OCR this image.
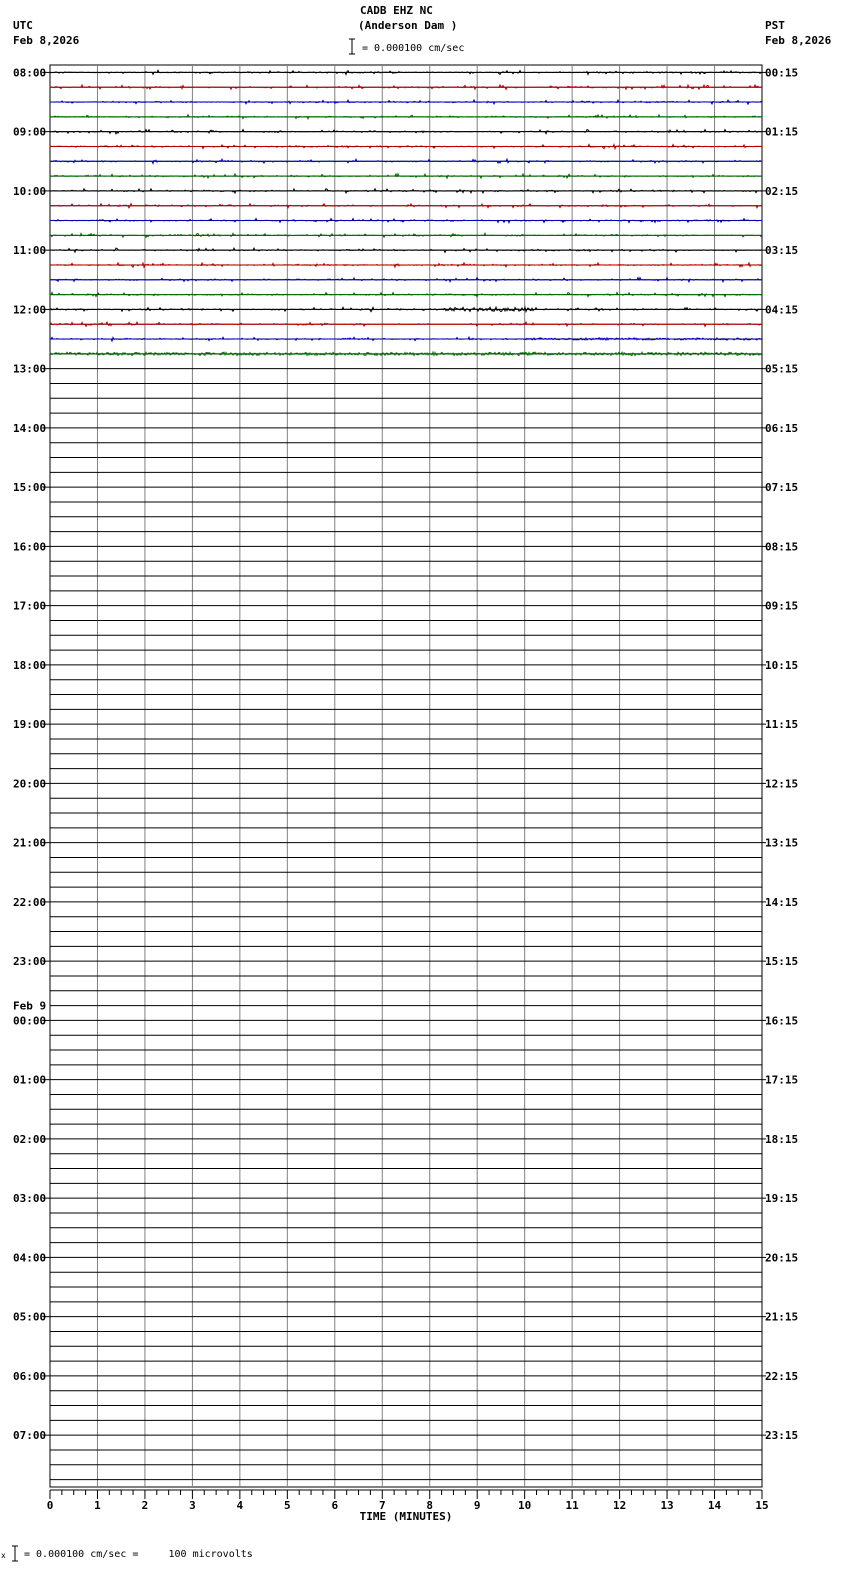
CADB EHZ NC
(Anderson Dam )
UTC
Feb 8,2026
PST
Feb 8,2026
= 0.000100 cm/sec
x = 0.000100 cm/sec =     100 microvolts
0	1	2	3	4	5	6	7	8	9	10	11	12	13	14	15
TIME (MINUTES)
08:00
09:00
10:00
11:00
12:00
13:00
14:00
15:00
16:00
17:00
18:00
19:00
20:00
21:00
22:00
23:00
00:00
01:00
02:00
03:00
04:00
05:00
06:00
07:00
00:15
01:15
02:15
03:15
04:15
05:15
06:15
07:15
08:15
09:15
10:15
11:15
12:15
13:15
14:15
15:15
16:15
17:15
18:15
19:15
20:15
21:15
22:15
23:15
Feb 9
